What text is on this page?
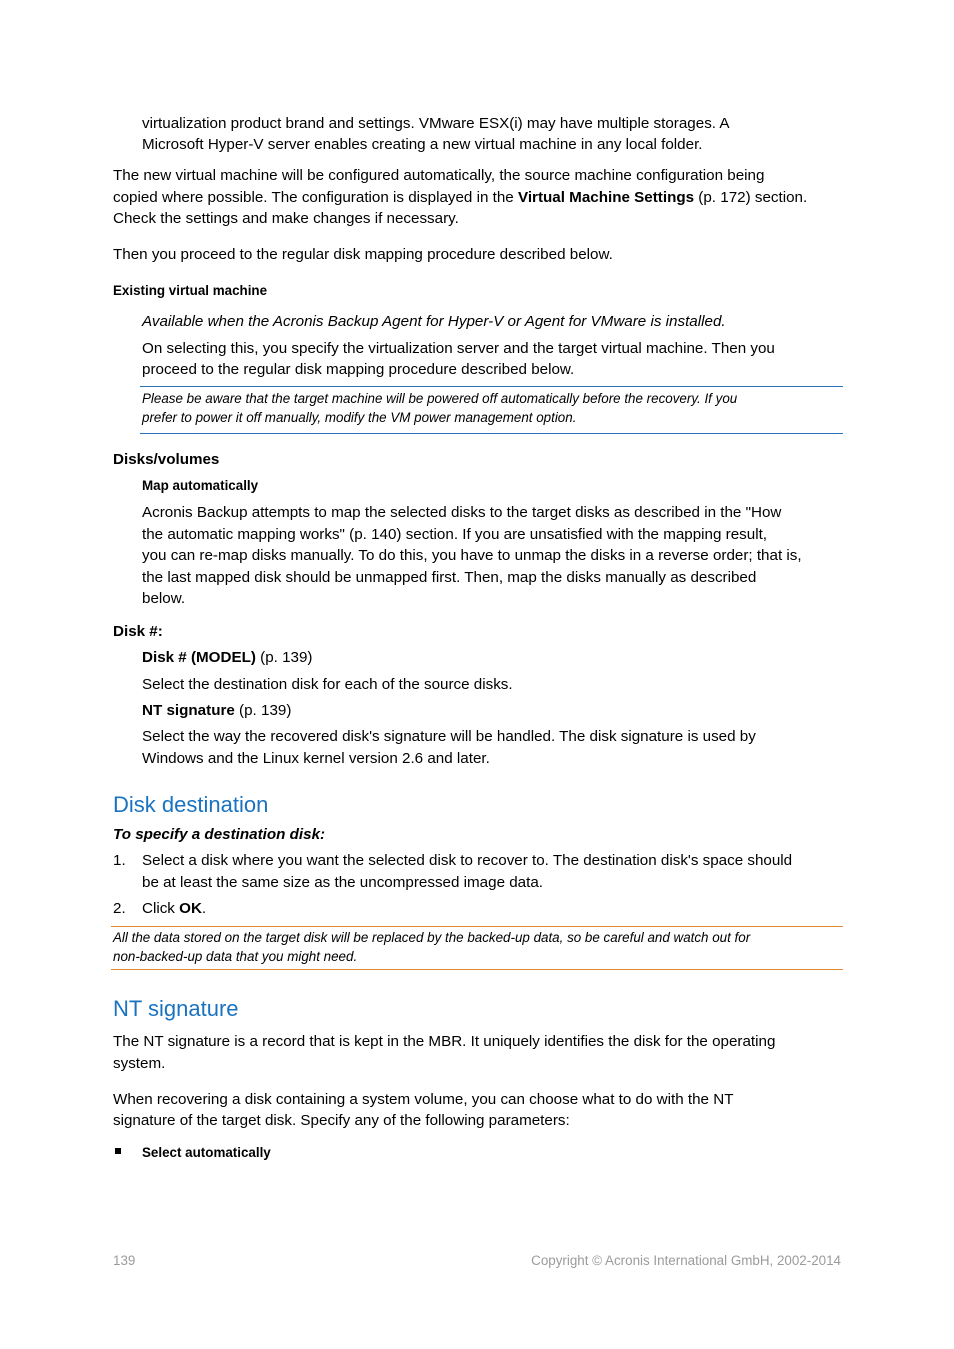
virtualization product brand and settings. VMware ESX(i) may have multiple storages. A
Microsoft Hyper-V server enables creating a new virtual machine in any local folder.
The new virtual machine will be configured automatically, the source machine configuration being
copied where possible. The configuration is displayed in the Virtual Machine Settings (p. 172) section.
Check the settings and make changes if necessary.
Then you proceed to the regular disk mapping procedure described below.
Existing virtual machine
Available when the Acronis Backup Agent for Hyper-V or Agent for VMware is installed.
On selecting this, you specify the virtualization server and the target virtual machine. Then you
proceed to the regular disk mapping procedure described below.
Please be aware that the target machine will be powered off automatically before the recovery. If you
prefer to power it off manually, modify the VM power management option.
Disks/volumes
Map automatically
Acronis Backup attempts to map the selected disks to the target disks as described in the "How
the automatic mapping works" (p. 140) section. If you are unsatisfied with the mapping result,
you can re-map disks manually. To do this, you have to unmap the disks in a reverse order; that is,
the last mapped disk should be unmapped first. Then, map the disks manually as described
below.
Disk #:
Disk # (MODEL) (p. 139)
Select the destination disk for each of the source disks.
NT signature (p. 139)
Select the way the recovered disk's signature will be handled. The disk signature is used by
Windows and the Linux kernel version 2.6 and later.
Disk destination
To specify a destination disk:
1. Select a disk where you want the selected disk to recover to. The destination disk's space should
be at least the same size as the uncompressed image data.
2. Click OK.
All the data stored on the target disk will be replaced by the backed-up data, so be careful and watch out for
non-backed-up data that you might need.
NT signature
The NT signature is a record that is kept in the MBR. It uniquely identifies the disk for the operating
system.
When recovering a disk containing a system volume, you can choose what to do with the NT
signature of the target disk. Specify any of the following parameters:
Select automatically
139	Copyright © Acronis International GmbH, 2002-2014
